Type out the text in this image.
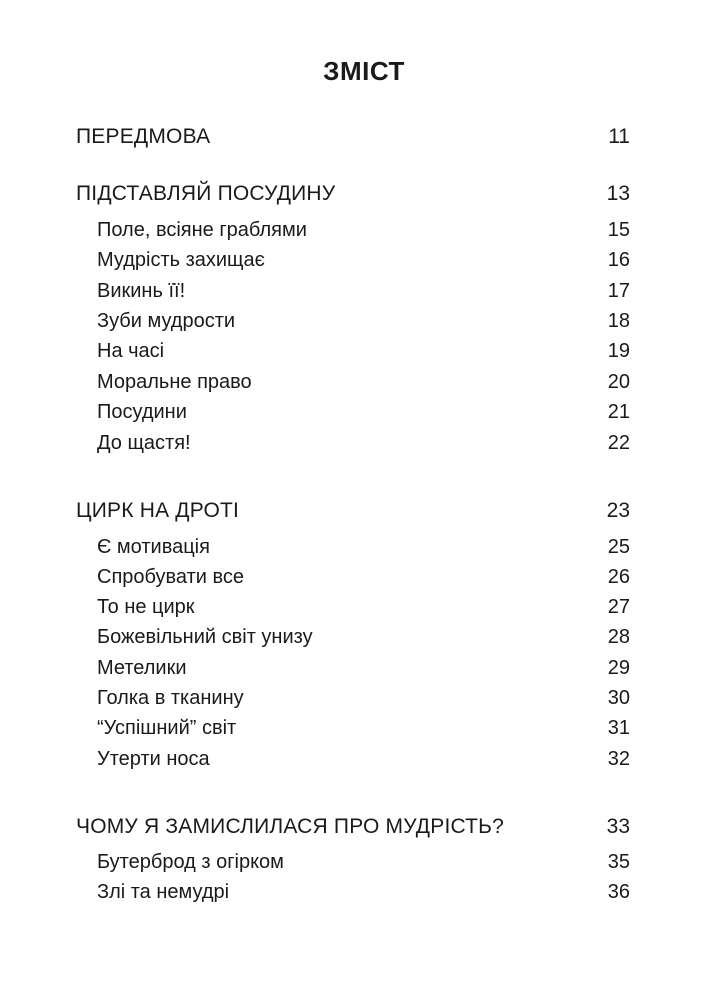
ЗМІСТ
ПЕРЕДМОВА	11
ПІДСТАВЛЯЙ ПОСУДИНУ	13
Поле, всіяне граблями	15
Мудрість захищає	16
Викинь її!	17
Зуби мудрости	18
На часі	19
Моральне право	20
Посудини	21
До щастя!	22
ЦИРК НА ДРОТІ	23
Є мотивація	25
Спробувати все	26
То не цирк	27
Божевільний світ унизу	28
Метелики	29
Голка в тканину	30
“Успішний” світ	31
Утерти носа	32
ЧОМУ Я ЗАМИСЛИЛАСЯ ПРО МУДРІСТЬ?	33
Бутерброд з огірком	35
Злі та немудрі	36
